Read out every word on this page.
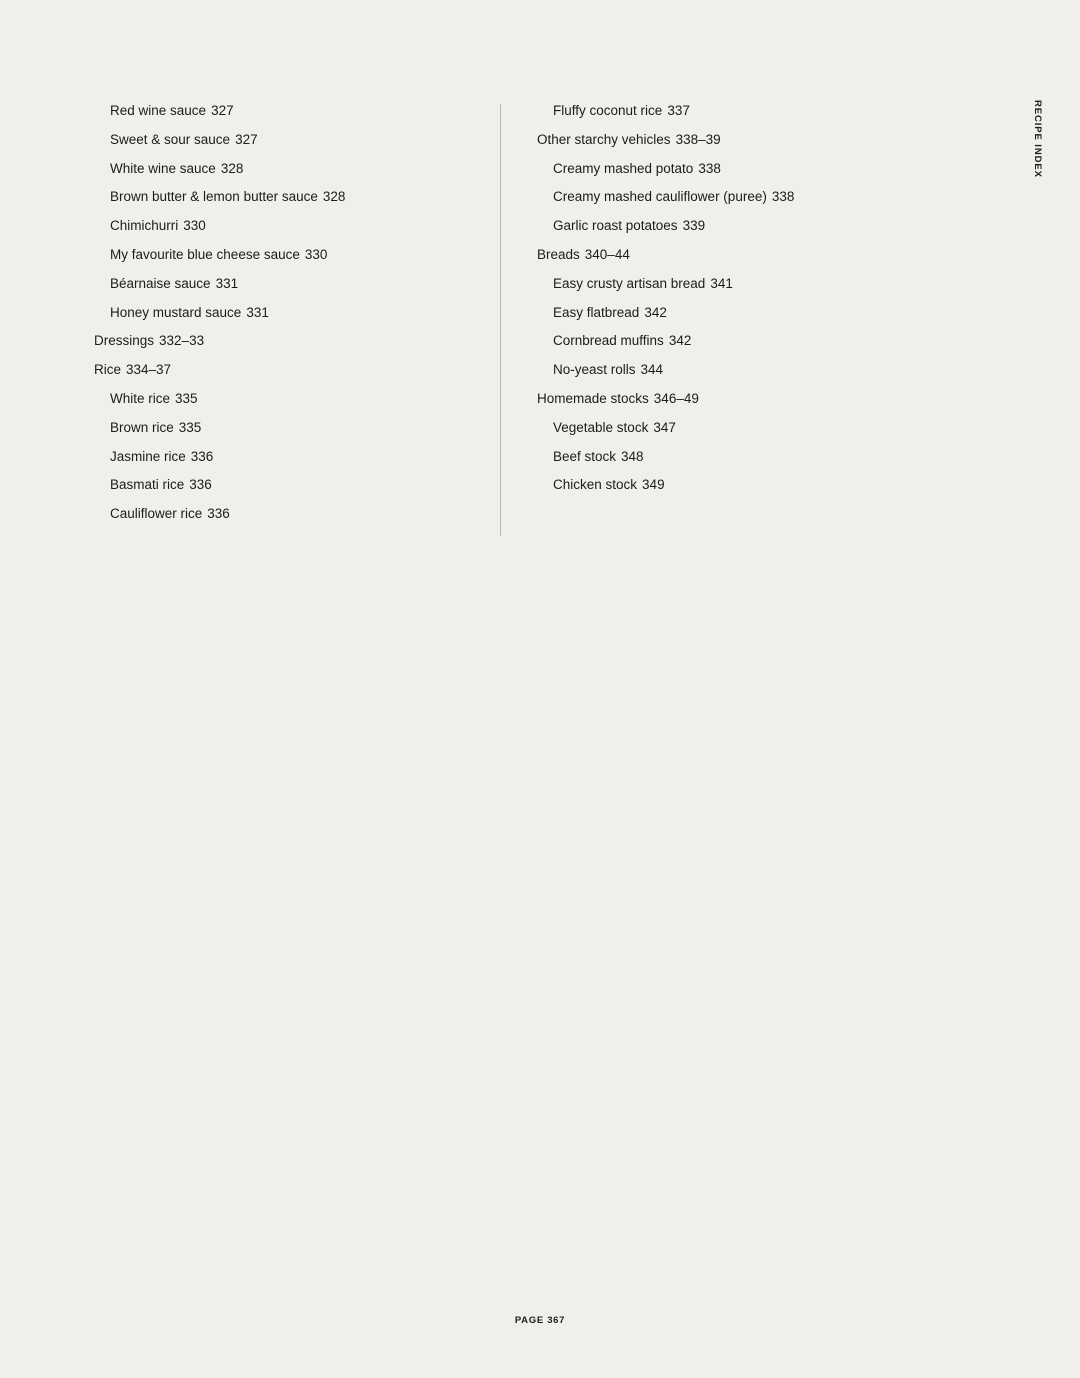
RECIPE INDEX
Red wine sauce 327
Sweet & sour sauce 327
White wine sauce 328
Brown butter & lemon butter sauce 328
Chimichurri 330
My favourite blue cheese sauce 330
Béarnaise sauce 331
Honey mustard sauce 331
Dressings 332–33
Rice 334–37
White rice 335
Brown rice 335
Jasmine rice 336
Basmati rice 336
Cauliflower rice 336
Fluffy coconut rice 337
Other starchy vehicles 338–39
Creamy mashed potato 338
Creamy mashed cauliflower (puree) 338
Garlic roast potatoes 339
Breads 340–44
Easy crusty artisan bread 341
Easy flatbread 342
Cornbread muffins 342
No-yeast rolls 344
Homemade stocks 346–49
Vegetable stock 347
Beef stock 348
Chicken stock 349
PAGE 367
